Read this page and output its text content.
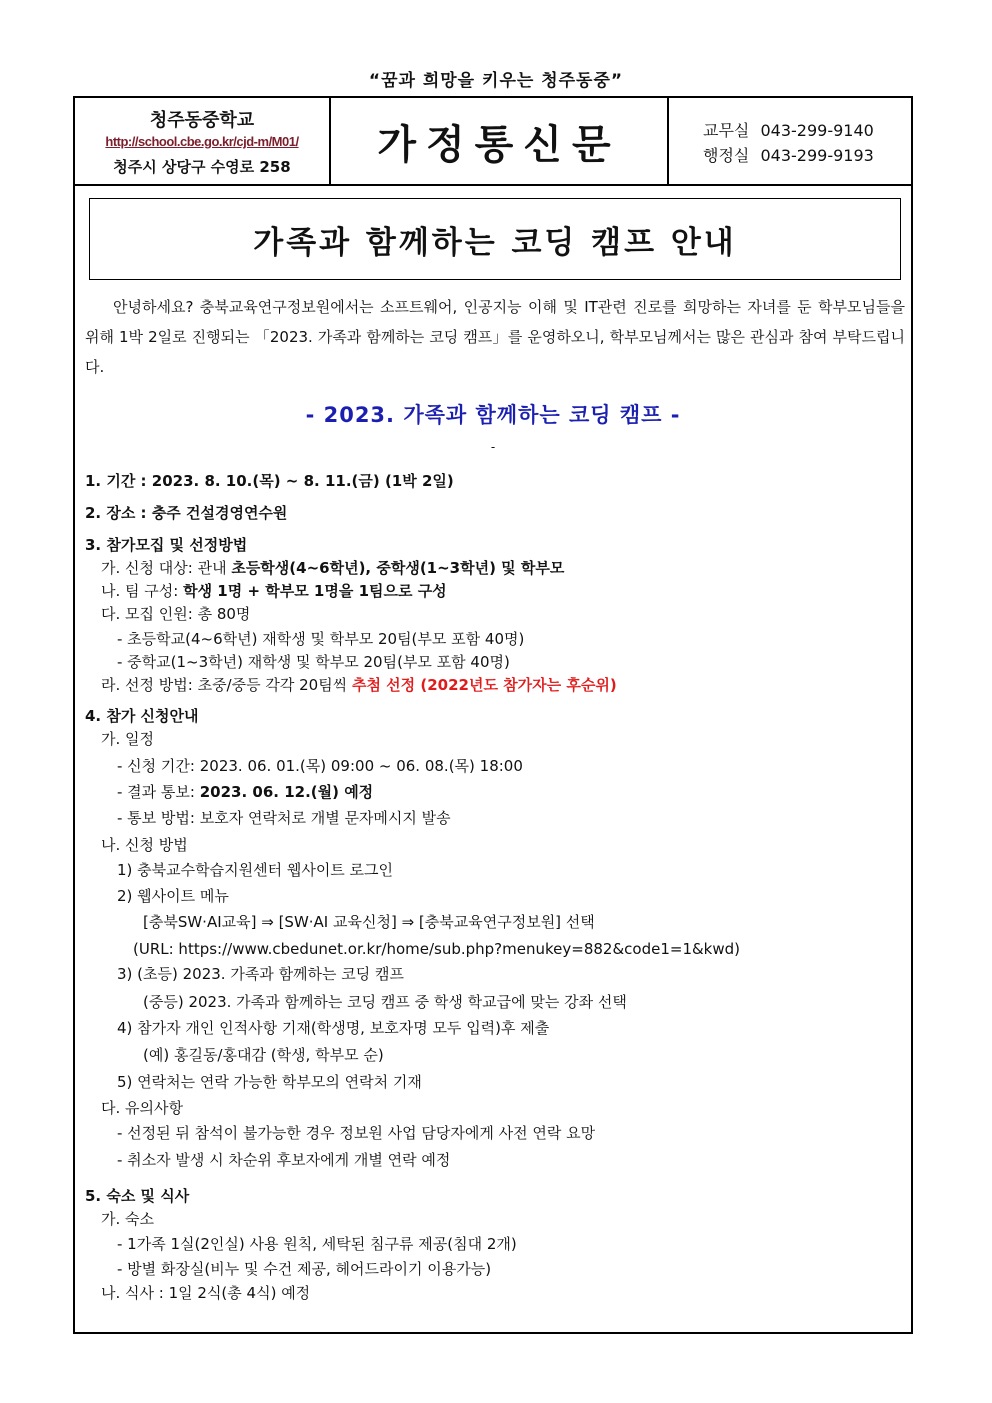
“꿈과 희망을 키우는 청주동중”
청주동중학교
http://school.cbe.go.kr/cjd-m/M01/
청주시 상당구 수영로 258	가정통신문	교무실 043-299-9140
행정실 043-299-9193
가족과 함께하는 코딩 캠프 안내
안녕하세요? 충북교육연구정보원에서는 소프트웨어, 인공지능 이해 및 IT관련 진로를 희망하는 자녀를 둔 학부모님들을 위해 1박 2일로 진행되는 「2023. 가족과 함께하는 코딩 캠프」를 운영하오니, 학부모님께서는 많은 관심과 참여 부탁드립니다.
- 2023. 가족과 함께하는 코딩 캠프 -
-
1. 기간 : 2023. 8. 10.(목) ~ 8. 11.(금) (1박 2일)
2. 장소 : 충주 건설경영연수원
3. 참가모집 및 선정방법
가. 신청 대상: 관내 초등학생(4~6학년), 중학생(1~3학년) 및 학부모
나. 팀 구성: 학생 1명 + 학부모 1명을 1팀으로 구성
다. 모집 인원: 총 80명
- 초등학교(4~6학년) 재학생 및 학부모 20팀(부모 포함 40명)
- 중학교(1~3학년) 재학생 및 학부모 20팀(부모 포함 40명)
라. 선정 방법: 초중/중등 각각 20팀씩 추첨 선정 (2022년도 참가자는 후순위)
4. 참가 신청안내
가. 일정
- 신청 기간: 2023. 06. 01.(목) 09:00 ~ 06. 08.(목) 18:00
- 결과 통보: 2023. 06. 12.(월) 예정
- 통보 방법: 보호자 연락처로 개별 문자메시지 발송
나. 신청 방법
1) 충북교수학습지원센터 웹사이트 로그인
2) 웹사이트 메뉴
[충북SW·AI교육] ⇒ [SW·AI 교육신청] ⇒ [충북교육연구정보원] 선택
(URL: https://www.cbedunet.or.kr/home/sub.php?menukey=882&code1=1&kwd)
3) (초등) 2023. 가족과 함께하는 코딩 캠프
(중등) 2023. 가족과 함께하는 코딩 캠프 중 학생 학교급에 맞는 강좌 선택
4) 참가자 개인 인적사항 기재(학생명, 보호자명 모두 입력)후 제출
(예) 홍길동/홍대감 (학생, 학부모 순)
5) 연락처는 연락 가능한 학부모의 연락처 기재
다. 유의사항
- 선정된 뒤 참석이 불가능한 경우 정보원 사업 담당자에게 사전 연락 요망
- 취소자 발생 시 차순위 후보자에게 개별 연락 예정
5. 숙소 및 식사
가. 숙소
- 1가족 1실(2인실) 사용 원칙, 세탁된 침구류 제공(침대 2개)
- 방별 화장실(비누 및 수건 제공, 헤어드라이기 이용가능)
나. 식사 : 1일 2식(총 4식) 예정
